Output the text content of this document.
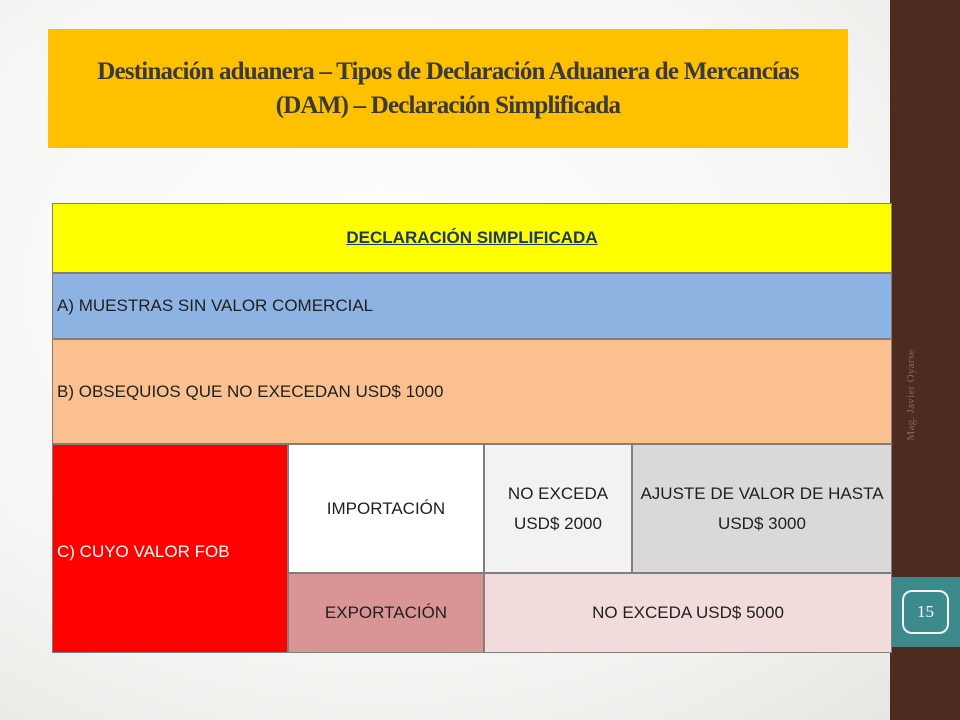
Mag. Javier Oyarse
15
Destinación aduanera – Tipos de Declaración Aduanera de Mercancías (DAM) – Declaración Simplificada
DECLARACIÓN SIMPLIFICADA
A) MUESTRAS SIN VALOR COMERCIAL
B) OBSEQUIOS QUE NO EXECEDAN USD$ 1000
C) CUYO VALOR FOB
IMPORTACIÓN
NO EXCEDA USD$ 2000
AJUSTE DE VALOR DE HASTA USD$ 3000
EXPORTACIÓN	NO EXCEDA USD$ 5000
